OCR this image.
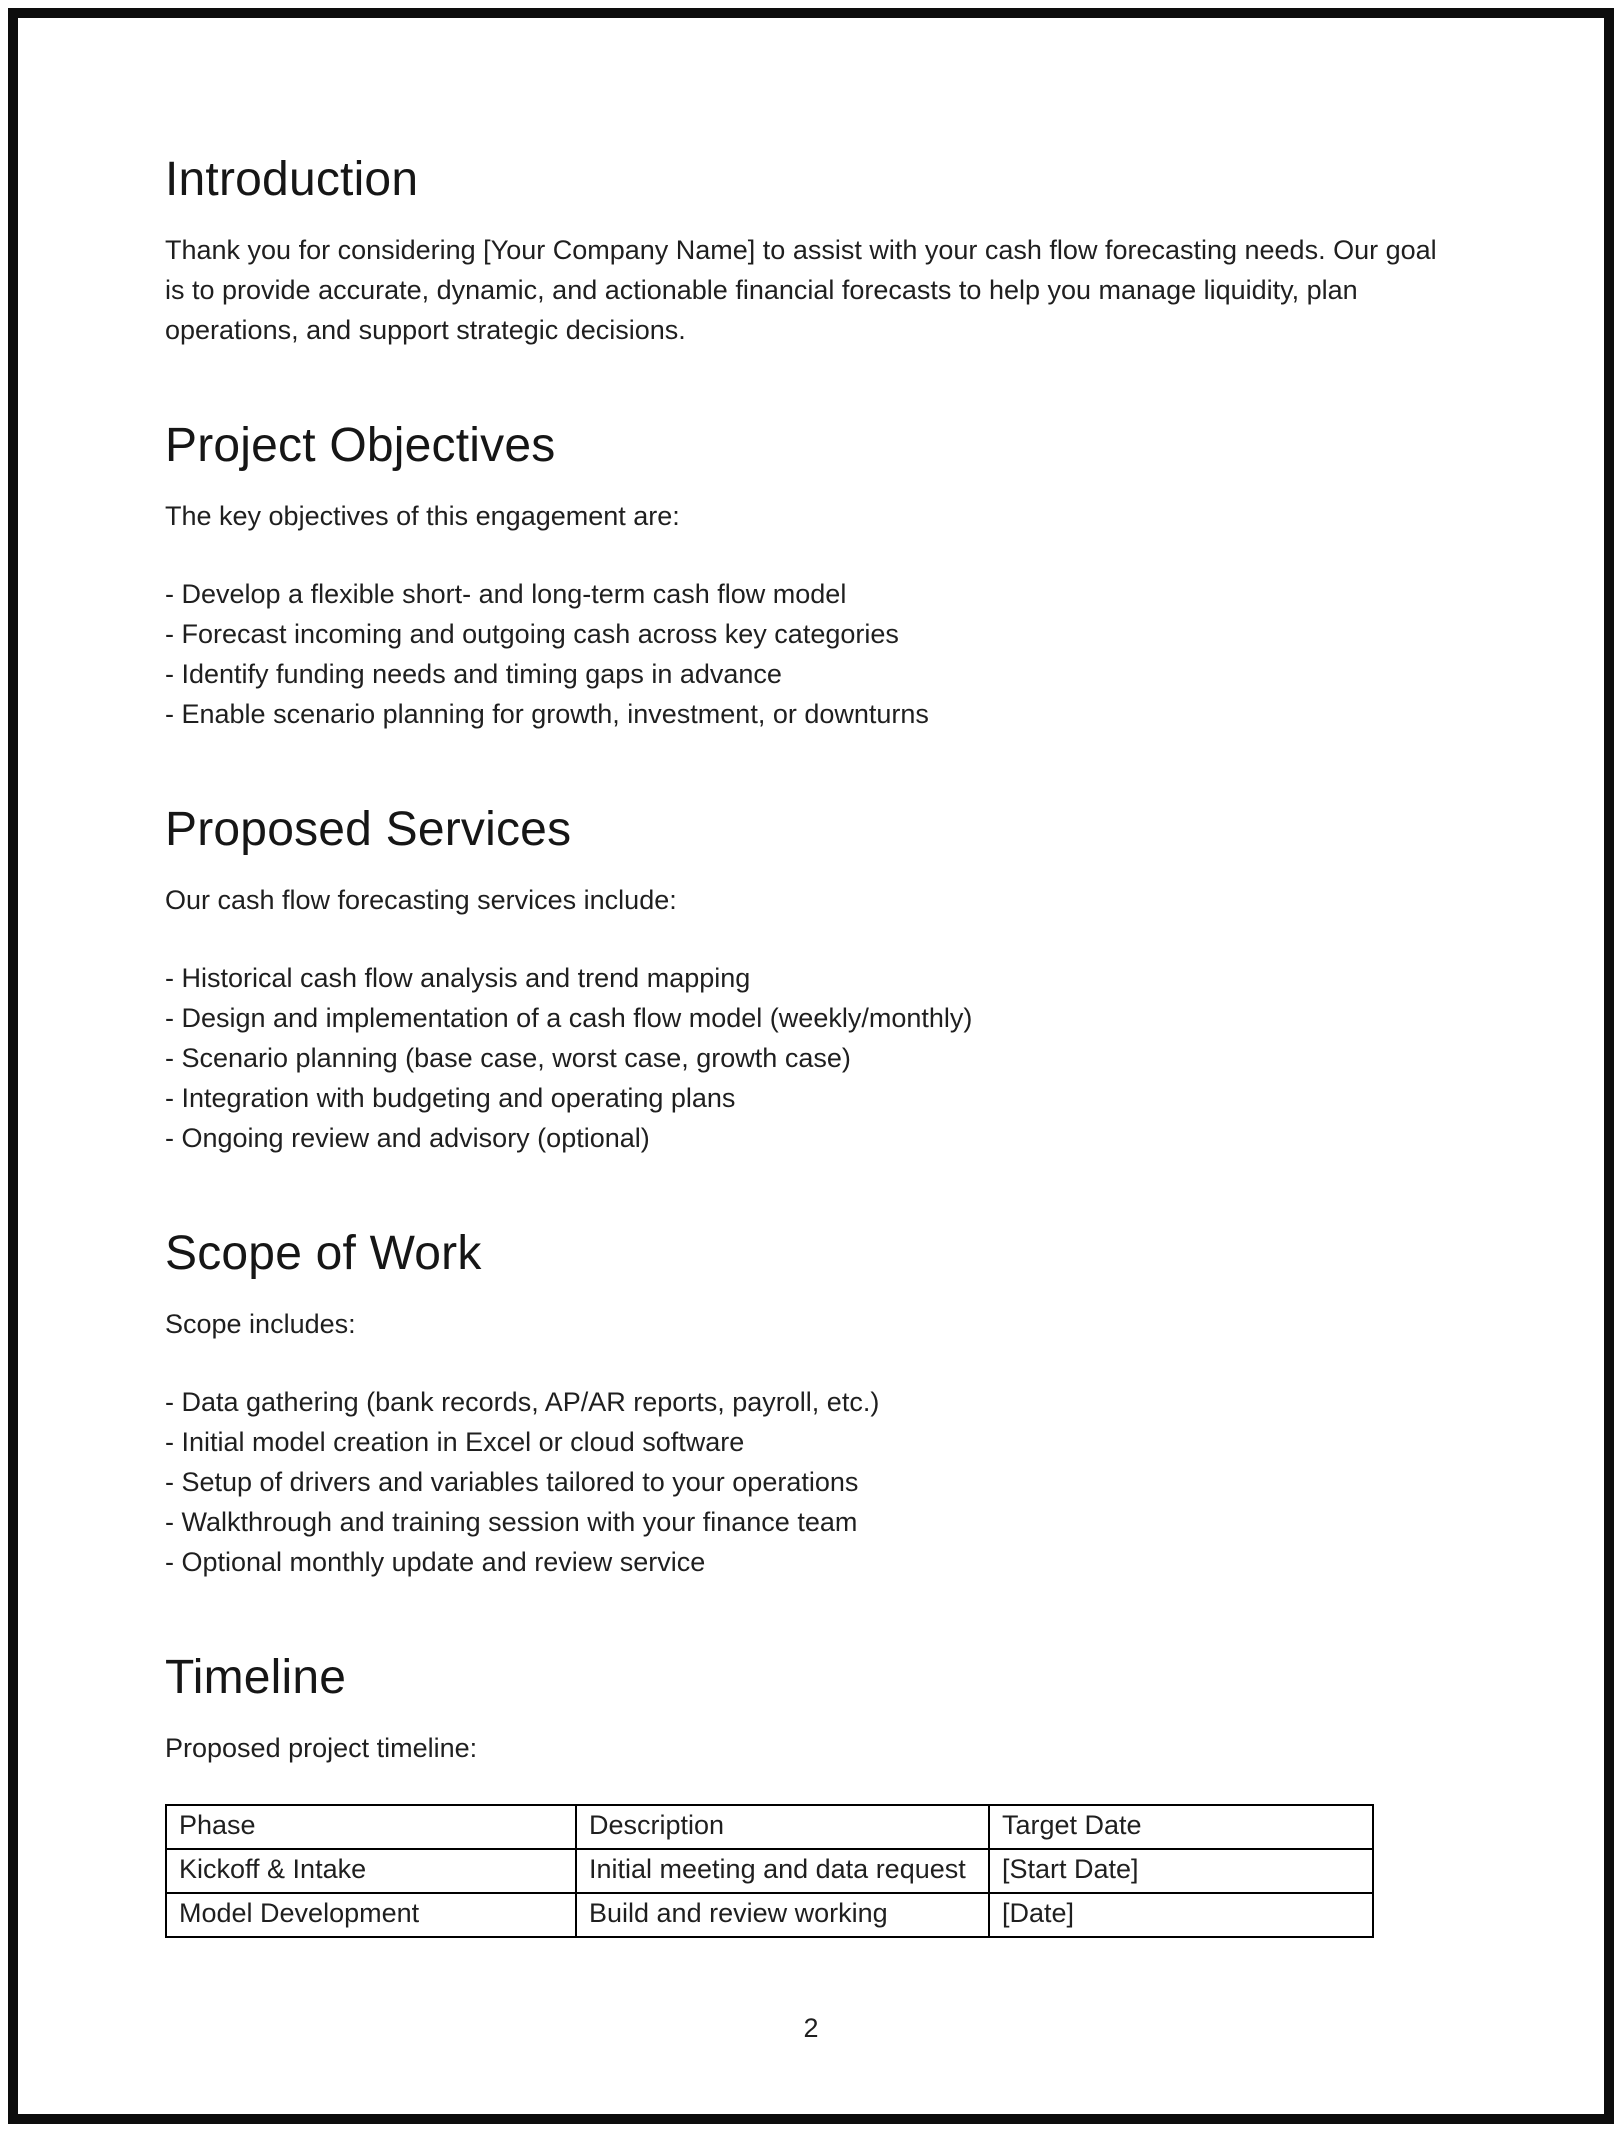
Introduction

Thank you for considering [Your Company Name] to assist with your cash flow forecasting needs. Our goal is to provide accurate, dynamic, and actionable financial forecasts to help you manage liquidity, plan operations, and support strategic decisions.

Project Objectives

The key objectives of this engagement are:

- Develop a flexible short- and long-term cash flow model
- Forecast incoming and outgoing cash across key categories
- Identify funding needs and timing gaps in advance
- Enable scenario planning for growth, investment, or downturns
Proposed Services

Our cash flow forecasting services include:

- Historical cash flow analysis and trend mapping
- Design and implementation of a cash flow model (weekly/monthly)
- Scenario planning (base case, worst case, growth case)
- Integration with budgeting and operating plans
- Ongoing review and advisory (optional)
Scope of Work

Scope includes:

- Data gathering (bank records, AP/AR reports, payroll, etc.)
- Initial model creation in Excel or cloud software
- Setup of drivers and variables tailored to your operations
- Walkthrough and training session with your finance team
- Optional monthly update and review service
Timeline

Proposed project timeline:

Phase	Description	Target Date
Kickoff & Intake	Initial meeting and data request	[Start Date]
Model Development	Build and review working	[Date]
2
